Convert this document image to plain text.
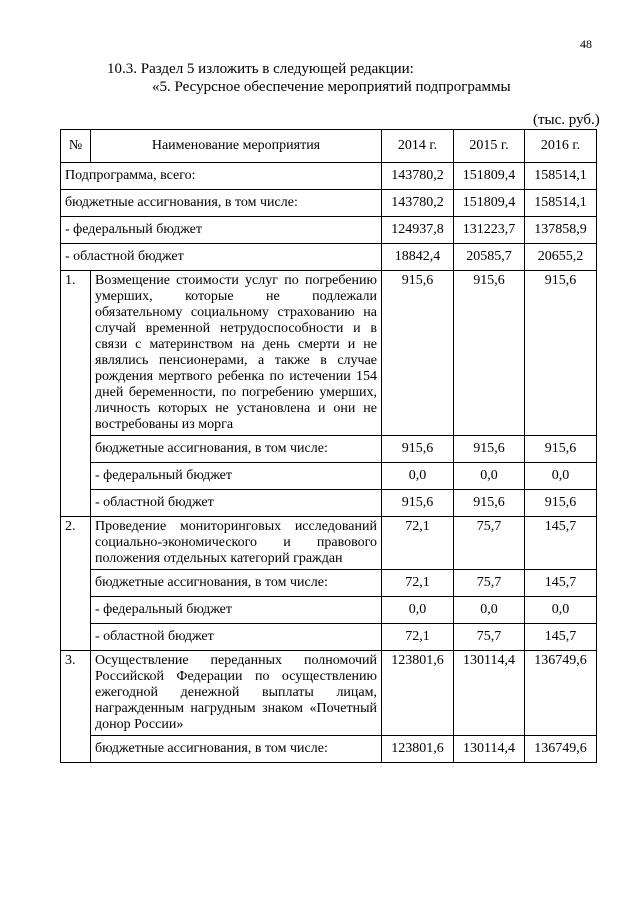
48
10.3. Раздел 5 изложить в следующей редакции:
«5. Ресурсное обеспечение мероприятий подпрограммы
(тыс. руб.)
№	Наименование мероприятия	2014 г.	2015 г.	2016 г.
Подпрограмма, всего:		143780,2	151809,4	158514,1
бюджетные ассигнования, в том числе:		143780,2	151809,4	158514,1
- федеральный бюджет		124937,8	131223,7	137858,9
- областной бюджет		18842,4	20585,7	20655,2
1.	Возмещение стоимости услуг по погребению умерших, которые не подлежали обязательному социальному страхованию на случай временной нетрудоспособности и в связи с материнством на день смерти и не являлись пенсионерами, а также в случае рождения мертвого ребенка по истечении 154 дней беременности, по погребению умерших, личность которых не установлена и они не востребованы из морга	915,6	915,6	915,6
	бюджетные ассигнования, в том числе:	915,6	915,6	915,6
	- федеральный бюджет	0,0	0,0	0,0
	- областной бюджет	915,6	915,6	915,6
2.	Проведение мониторинговых исследований социально-экономического и правового положения отдельных категорий граждан	72,1	75,7	145,7
	бюджетные ассигнования, в том числе:	72,1	75,7	145,7
	- федеральный бюджет	0,0	0,0	0,0
	- областной бюджет	72,1	75,7	145,7
3.	Осуществление переданных полномочий Российской Федерации по осуществлению ежегодной денежной выплаты лицам, награжденным нагрудным знаком «Почетный донор России»	123801,6	130114,4	136749,6
	бюджетные ассигнования, в том числе:	123801,6	130114,4	136749,6
